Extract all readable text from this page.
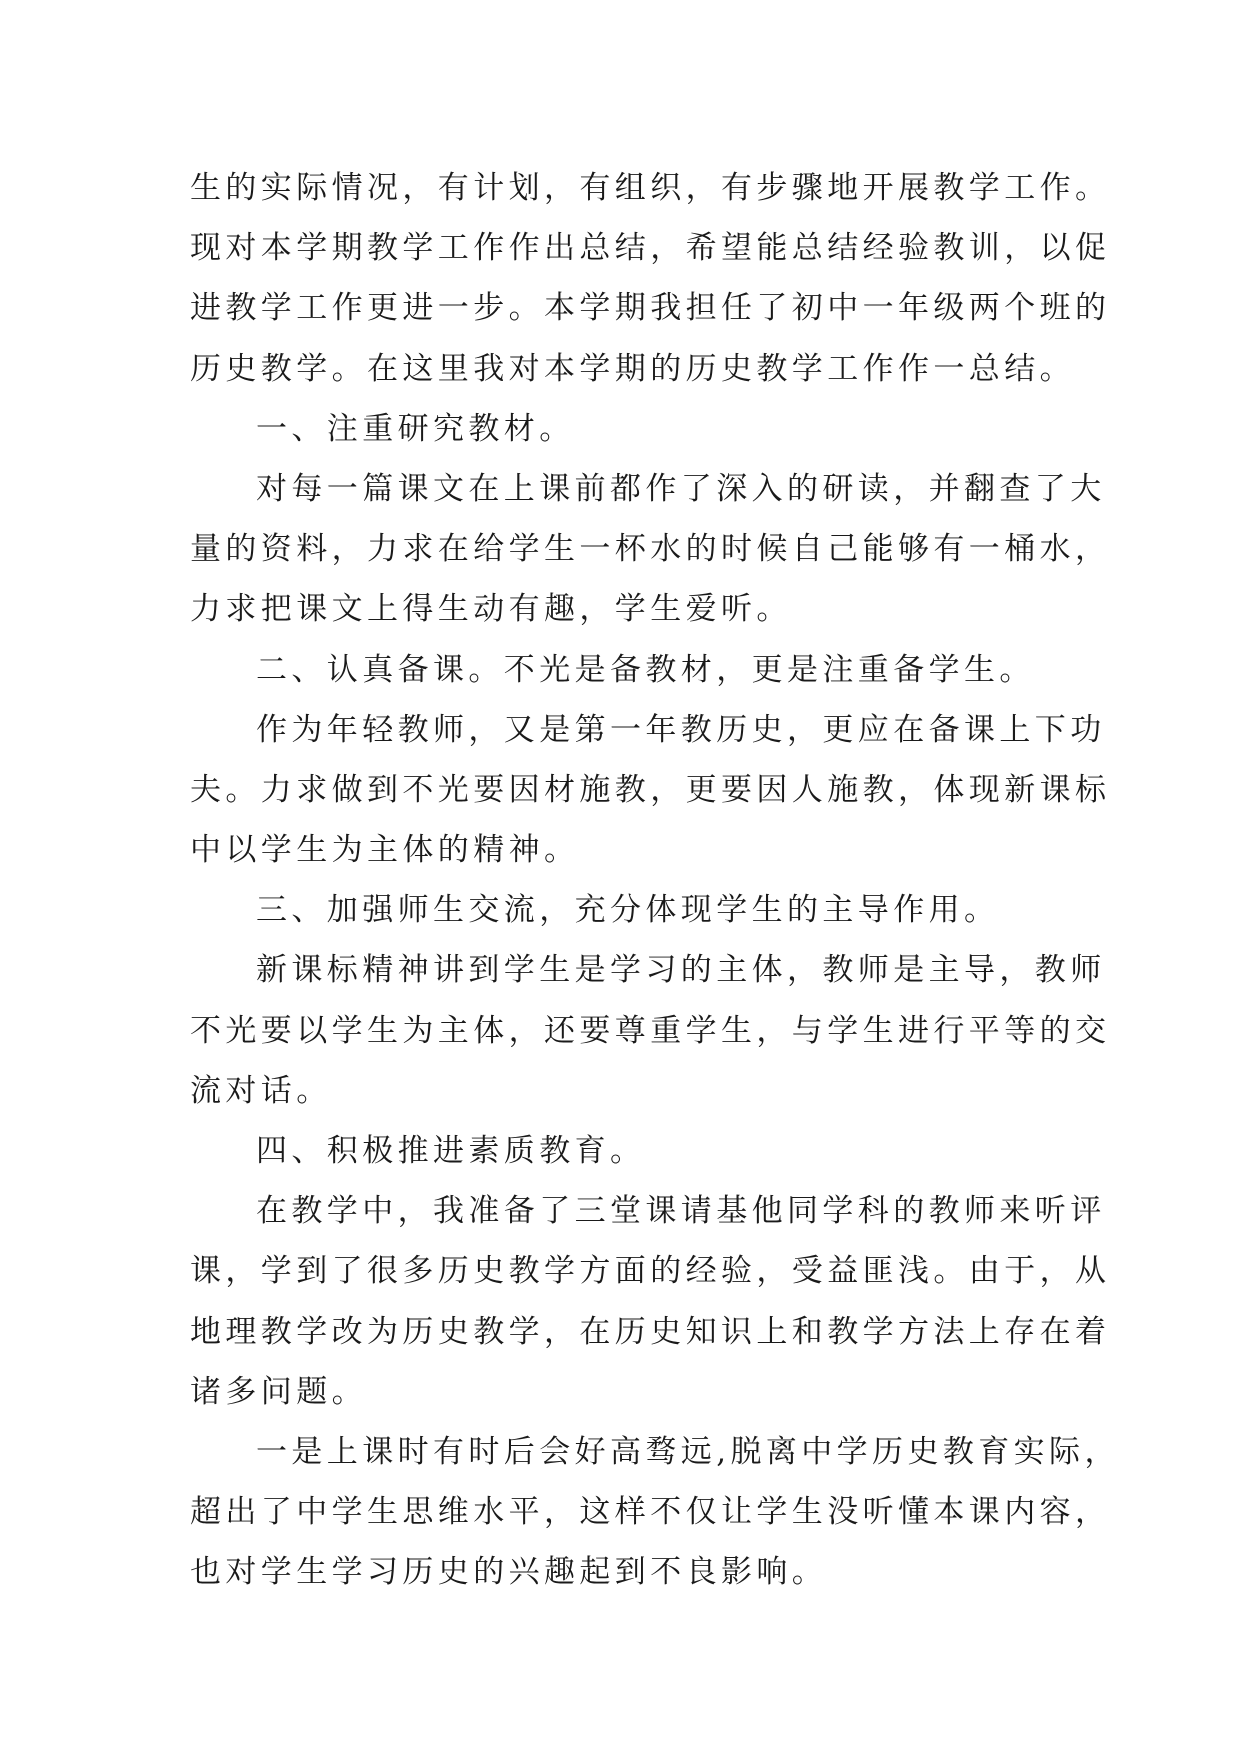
生的实际情况，有计划，有组织，有步骤地开展教学工作。
现对本学期教学工作作出总结，希望能总结经验教训，以促
进教学工作更进一步。本学期我担任了初中一年级两个班的
历史教学。在这里我对本学期的历史教学工作作一总结。
一、注重研究教材。
对每一篇课文在上课前都作了深入的研读，并翻查了大
量的资料，力求在给学生一杯水的时候自己能够有一桶水，
力求把课文上得生动有趣，学生爱听。
二、认真备课。不光是备教材，更是注重备学生。
作为年轻教师，又是第一年教历史，更应在备课上下功
夫。力求做到不光要因材施教，更要因人施教，体现新课标
中以学生为主体的精神。
三、加强师生交流，充分体现学生的主导作用。
新课标精神讲到学生是学习的主体，教师是主导，教师
不光要以学生为主体，还要尊重学生，与学生进行平等的交
流对话。
四、积极推进素质教育。
在教学中，我准备了三堂课请基他同学科的教师来听评
课，学到了很多历史教学方面的经验，受益匪浅。由于，从
地理教学改为历史教学，在历史知识上和教学方法上存在着
诸多问题。
一是上课时有时后会好高骛远,脱离中学历史教育实际，
超出了中学生思维水平，这样不仅让学生没听懂本课内容，
也对学生学习历史的兴趣起到不良影响。
